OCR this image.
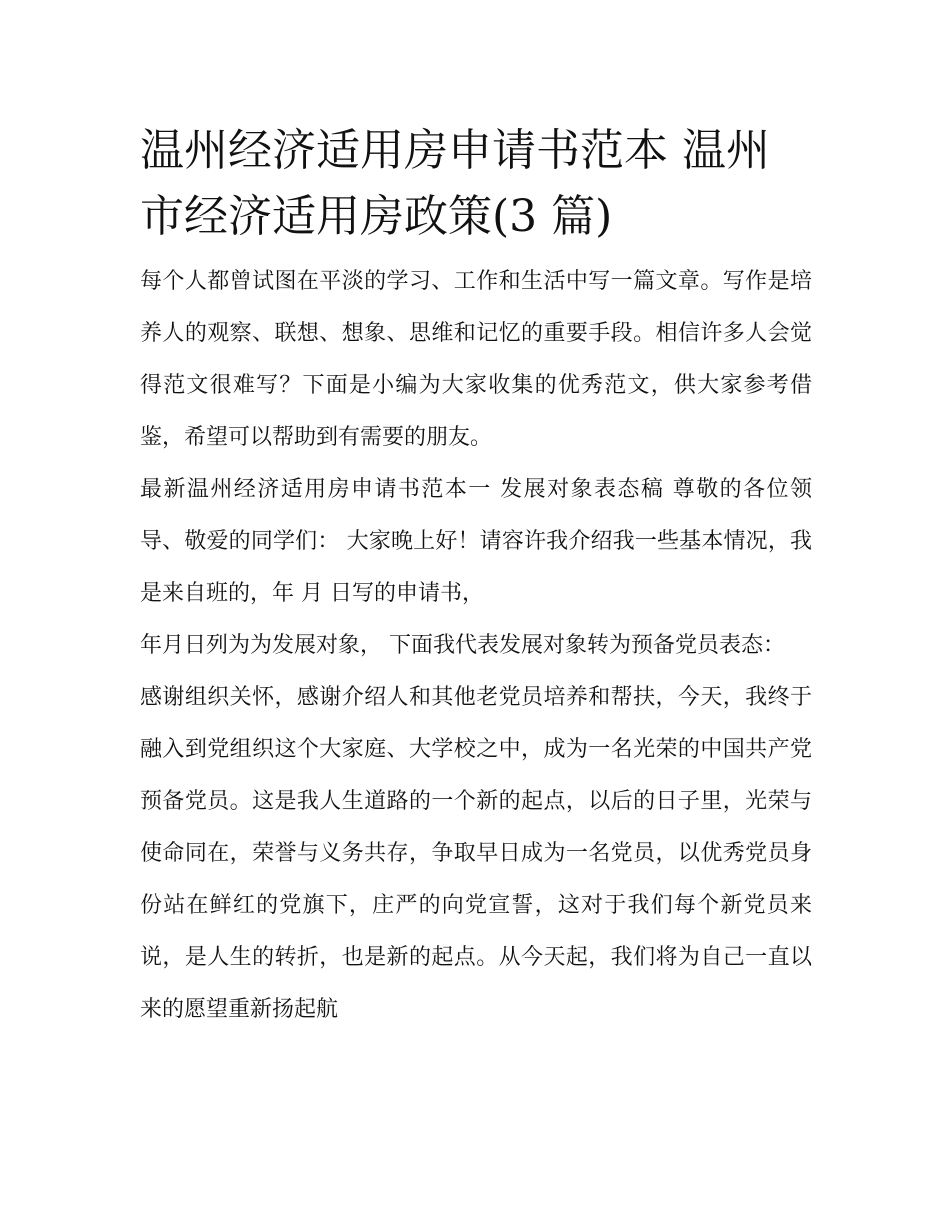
温州经济适用房申请书范本 温州市经济适用房政策(3 篇)

每个人都曾试图在平淡的学习、工作和生活中写一篇文章。写作是培养人的观察、联想、想象、思维和记忆的重要手段。相信许多人会觉得范文很难写？下面是小编为大家收集的优秀范文，供大家参考借鉴，希望可以帮助到有需要的朋友。

最新温州经济适用房申请书范本一 发展对象表态稿 尊敬的各位领导、敬爱的同学们： 大家晚上好！请容许我介绍我一些基本情况，我是来自班的，年 月 日写的申请书，

年月日列为为发展对象， 下面我代表发展对象转为预备党员表态：

感谢组织关怀，感谢介绍人和其他老党员培养和帮扶，今天，我终于融入到党组织这个大家庭、大学校之中，成为一名光荣的中国共产党预备党员。这是我人生道路的一个新的起点，以后的日子里，光荣与使命同在，荣誉与义务共存，争取早日成为一名党员，以优秀党员身份站在鲜红的党旗下，庄严的向党宣誓，这对于我们每个新党员来说，是人生的转折，也是新的起点。从今天起，我们将为自己一直以来的愿望重新扬起航
